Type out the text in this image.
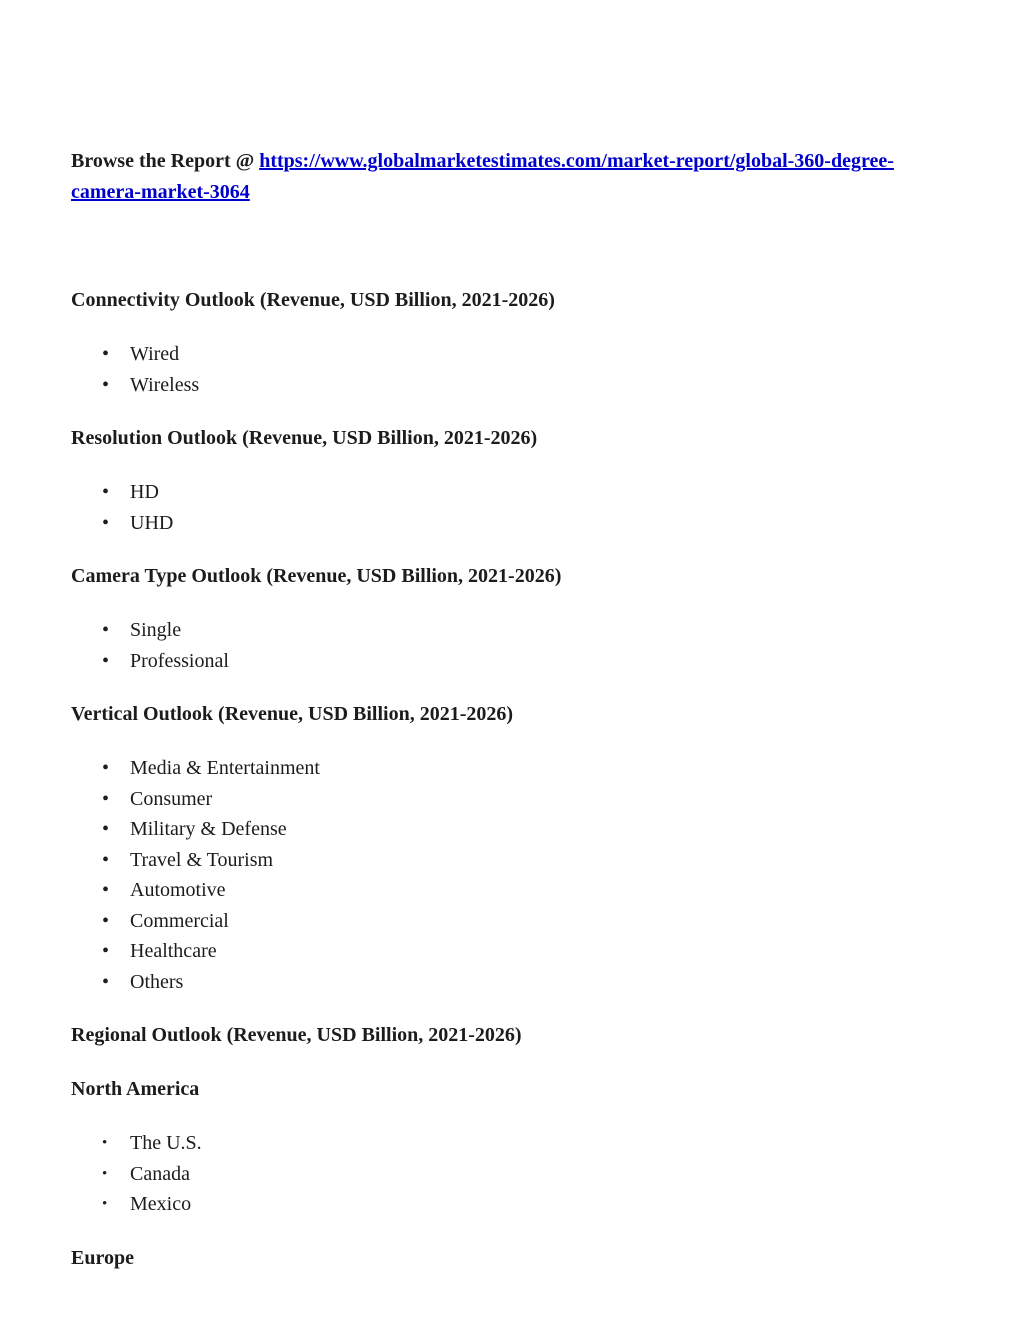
Browse the Report @ https://www.globalmarketestimates.com/market-report/global-360-degree- camera-market-3064

Connectivity Outlook (Revenue, USD Billion, 2021-2026)
•
Wired
•
Wireless
Resolution Outlook (Revenue, USD Billion, 2021-2026)
•
HD
•
UHD
Camera Type Outlook (Revenue, USD Billion, 2021-2026)
•
Single
•
Professional
Vertical Outlook (Revenue, USD Billion, 2021-2026)
•
Media & Entertainment
•
Consumer
•
Military & Defense
•
Travel & Tourism
•
Automotive
•
Commercial
•
Healthcare
•
Others
Regional Outlook (Revenue, USD Billion, 2021-2026)
North America
•
The U.S.
•
Canada
•
Mexico
Europe
